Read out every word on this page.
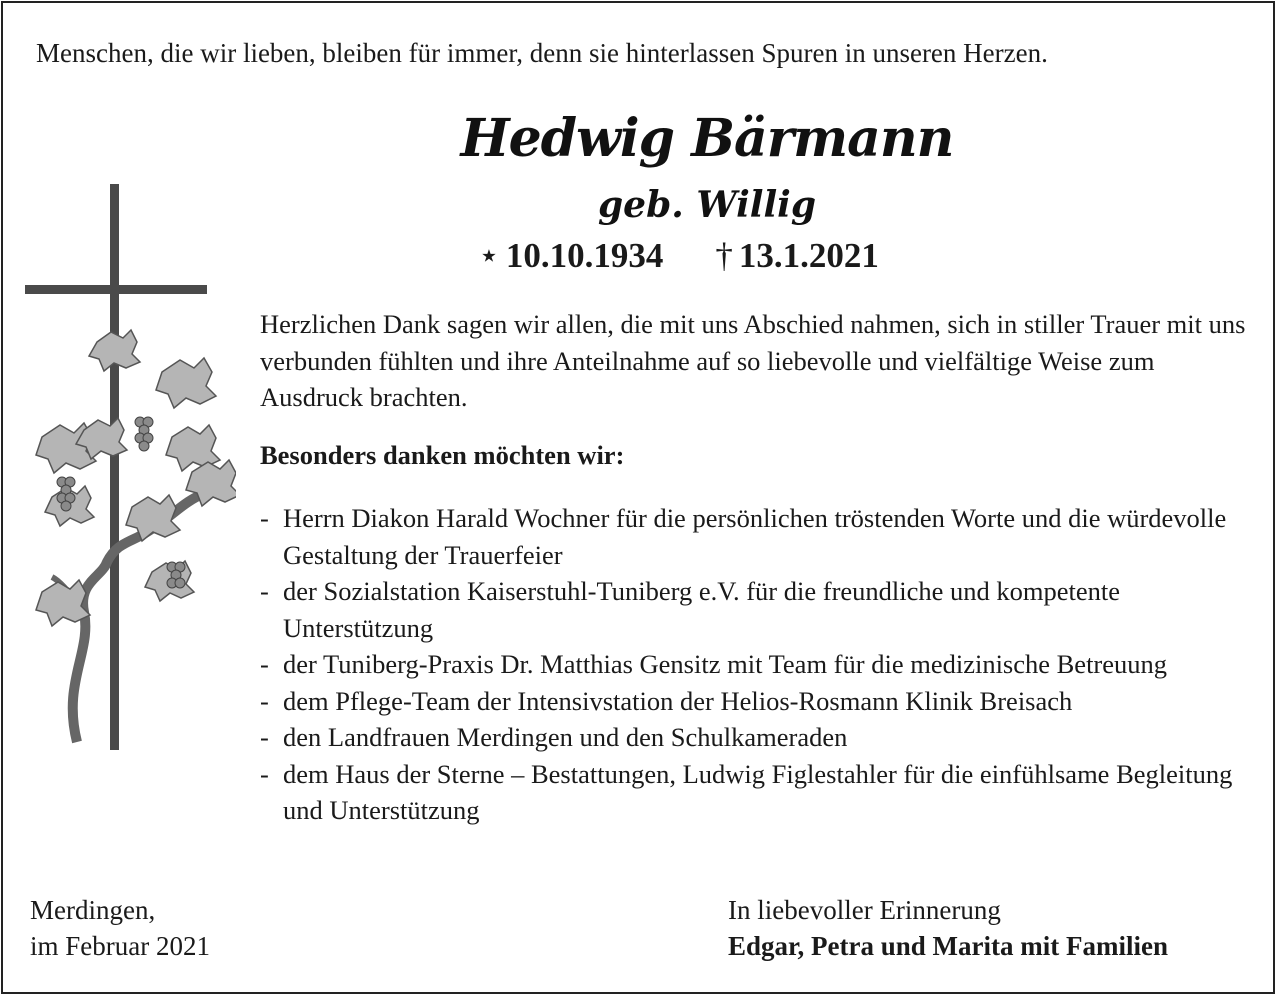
Menschen, die wir lieben, bleiben für immer, denn sie hinterlassen Spuren in unseren Herzen.
Hedwig Bärmann
geb. Willig
⋆ 10.10.1934 † 13.1.2021

Herzlichen Dank sagen wir allen, die mit uns Abschied nahmen, sich in stiller Trauer mit uns verbunden fühlten und ihre Anteilnahme auf so liebevolle und vielfältige Weise zum Ausdruck brachten.

Besonders danken möchten wir:
- Herrn Diakon Harald Wochner für die persönlichen tröstenden Worte und die würdevolle Gestaltung der Trauerfeier
- der Sozialstation Kaiserstuhl-Tuniberg e.V. für die freundliche und kompetente Unterstützung
- der Tuniberg-Praxis Dr. Matthias Gensitz mit Team für die medizinische Betreuung
- dem Pflege-Team der Intensivstation der Helios-Rosmann Klinik Breisach
- den Landfrauen Merdingen und den Schulkameraden
- dem Haus der Sterne – Bestattungen, Ludwig Figlestahler für die einfühlsame Begleitung und Unterstützung
Merdingen,
im Februar 2021
In liebevoller Erinnerung
Edgar, Petra und Marita mit Familien
